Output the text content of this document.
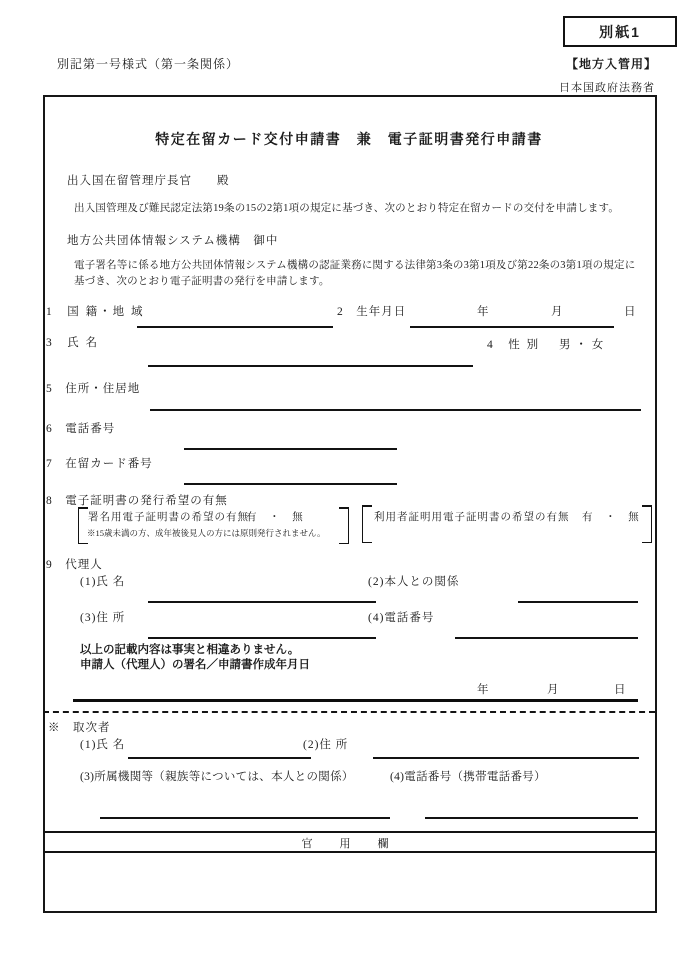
別紙1
別記第一号様式（第一条関係）	【地方入管用】
日本国政府法務省
特定在留カード交付申請書　兼　電子証明書発行申請書
出入国在留管理庁長官　　殿
出入国管理及び難民認定法第19条の15の2第1項の規定に基づき、次のとおり特定在留カードの交付を申請します。
地方公共団体情報システム機構　御中
電子署名等に係る地方公共団体情報システム機構の認証業務に関する法律第3条の3第1項及び第22条の3第1項の規定に基づき、次のとおり電子証明書の発行を申請します。
1　国 籍・地 域	2　生年月日	年	月	日
3　氏 名	4　性 別 男 ・ 女
5　住所・住居地
6　電話番号
7　在留カード番号
8　電子証明書の発行希望の有無
署名用電子証明書の希望の有無
有 ・ 無
※15歳未満の方、成年被後見人の方には原則発行されません。
利用者証明用電子証明書の希望の有無 有 ・ 無
9　代理人
(1)氏 名	(2)本人との関係
(3)住 所	(4)電話番号
以上の記載内容は事実と相違ありません。
申請人（代理人）の署名／申請書作成年月日
年	月	日
※　取次者
(1)氏 名	(2)住 所
(3)所属機関等（親族等については、本人との関係）	(4)電話番号（携帯電話番号）
官　用　欄
